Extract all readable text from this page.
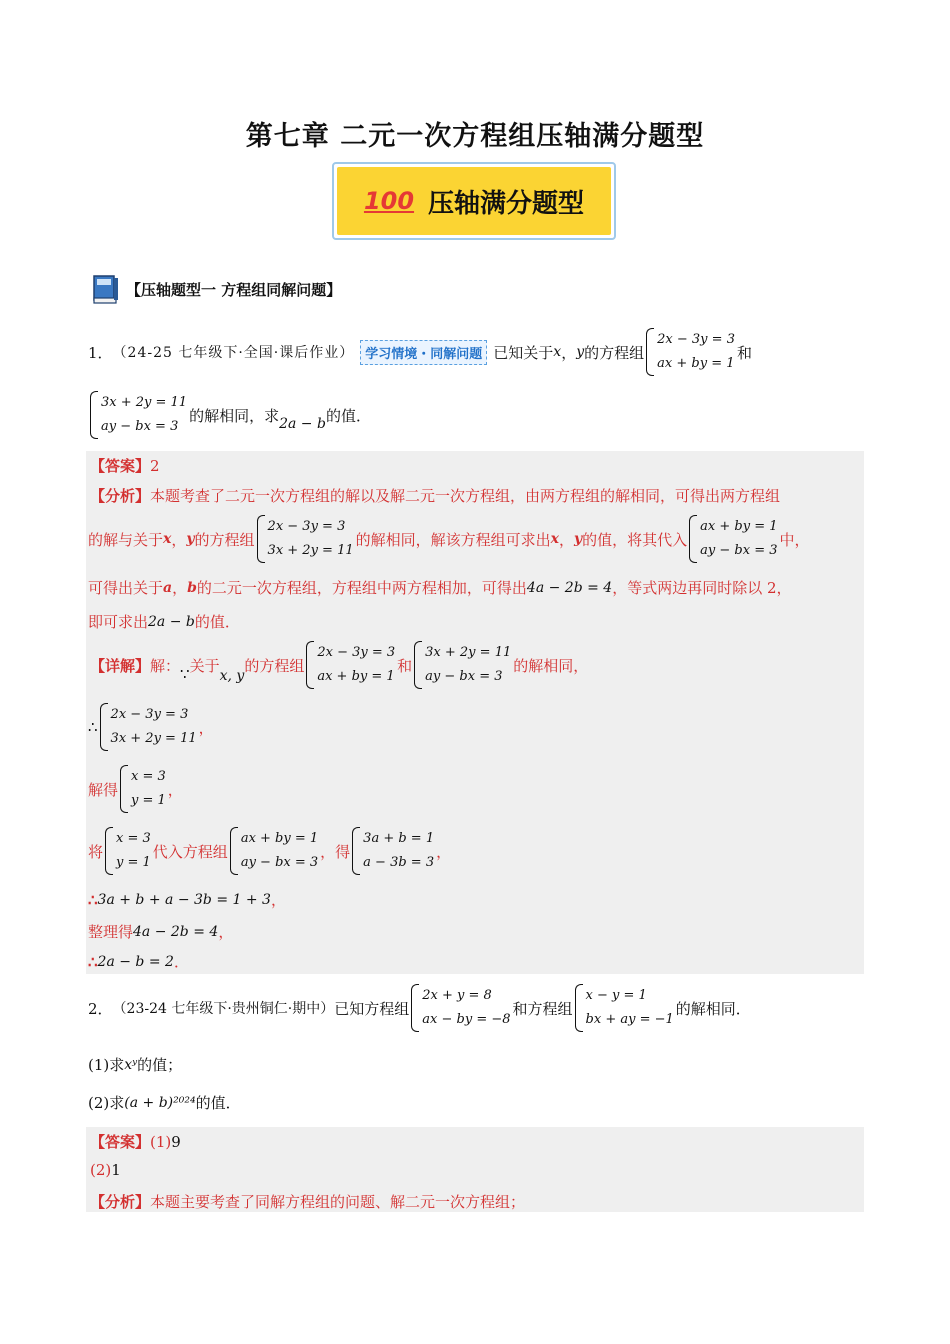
第七章 二元一次方程组压轴满分题型
100 压轴满分题型
【压轴题型一 方程组同解问题】
1． （24-25 七年级下·全国·课后作业） 学习情境・同解问题 已知关于 x ， y 的方程组
2x − 3y = 3
ax + by = 1
和
3x + 2y = 11
ay − bx = 3
的解相同，求 2a − b 的值．
【答案】 2
【分析】 本题考查了二元一次方程组的解以及解二元一次方程组，由两方程组的解相同，可得出两方程组
的解与关于 x ， y 的方程组
2x − 3y = 3
3x + 2y = 11
的解相同，解该方程组可求出 x ， y 的值，将其代入
ax + by = 1
ay − bx = 3
中，
可得出关于 a ， b 的二元一次方程组，方程组中两方程相加，可得出 4a − 2b = 4 ，等式两边再同时除以 2，
即可求出 2a − b 的值．
【详解】 解： ∵ 关于
x, y
的方程组
2x − 3y = 3
ax + by = 1
和
3x + 2y = 11
ay − bx = 3
的解相同，
∴
2x − 3y = 3
3x + 2y = 11
，
解得
x = 3
y = 1
，
将
x = 3
y = 1
代入方程组
ax + by = 1
ay − bx = 3
，得
3a + b = 1
a − 3b = 3
，
∴ 3a + b + a − 3b = 1 + 3 ，
整理得 4a − 2b = 4 ，
∴ 2a − b = 2 ．
2． （23-24 七年级下·贵州铜仁·期中） 已知方程组
2x + y = 8
ax − by = −8
和方程组
x − y = 1
bx + ay = −1
的解相同．
(1)求 xʸ 的值；
(2)求 (a + b)²⁰²⁴ 的值．
【答案】 (1) 9
(2) 1
【分析】 本题主要考查了同解方程组的问题、解二元一次方程组；
